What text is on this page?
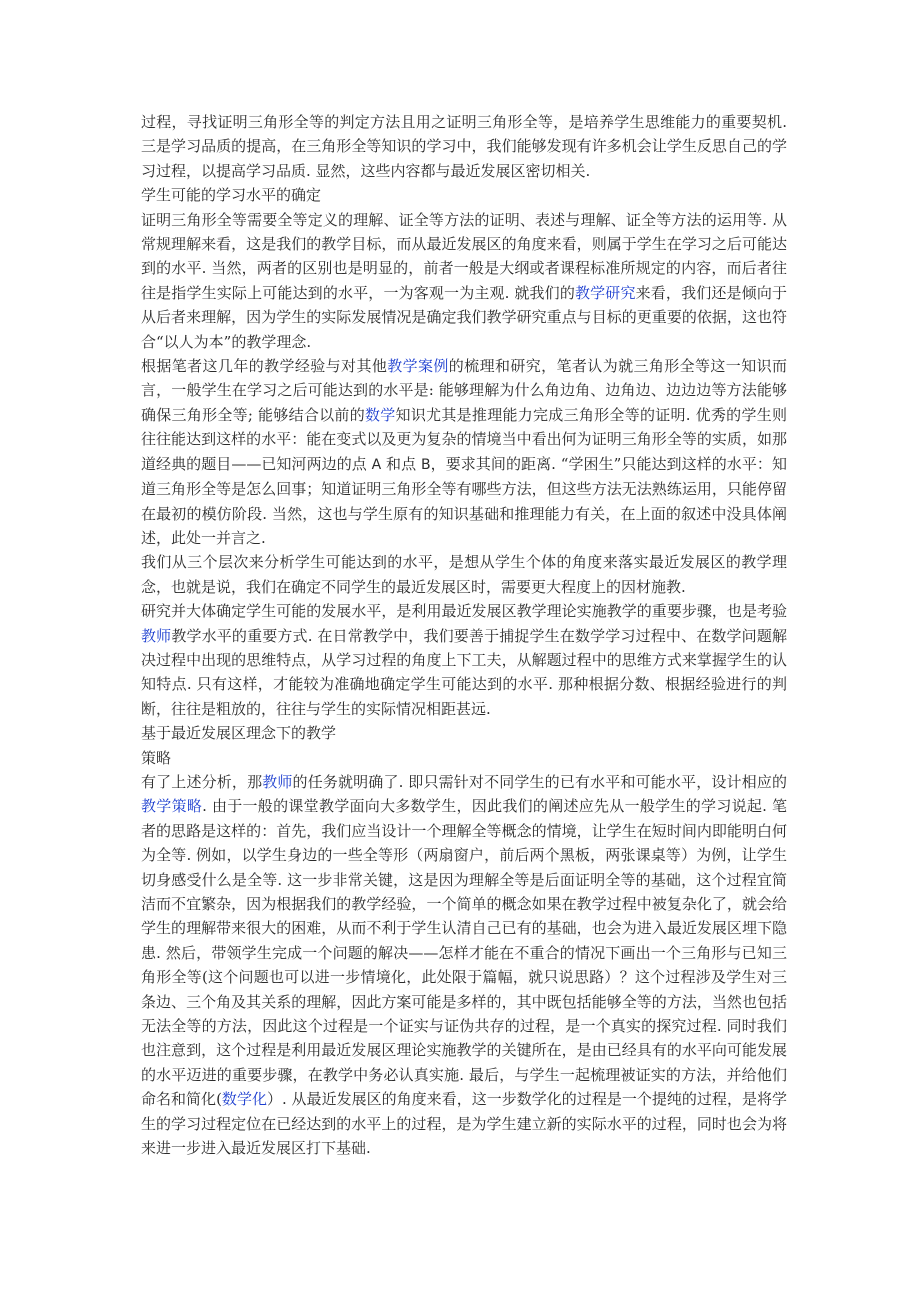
过程，寻找证明三角形全等的判定方法且用之证明三角形全等，是培养学生思维能力的重要契机. 三是学习品质的提高，在三角形全等知识的学习中，我们能够发现有许多机会让学生反思自己的学习过程，以提高学习品质. 显然，这些内容都与最近发展区密切相关.

学生可能的学习水平的确定

证明三角形全等需要全等定义的理解、证全等方法的证明、表述与理解、证全等方法的运用等. 从常规理解来看，这是我们的教学目标，而从最近发展区的角度来看，则属于学生在学习之后可能达到的水平. 当然，两者的区别也是明显的，前者一般是大纲或者课程标准所规定的内容，而后者往往是指学生实际上可能达到的水平，一为客观一为主观. 就我们的教学研究来看，我们还是倾向于从后者来理解，因为学生的实际发展情况是确定我们教学研究重点与目标的更重要的依据，这也符合“以人为本”的教学理念.

根据笔者这几年的教学经验与对其他教学案例的梳理和研究，笔者认为就三角形全等这一知识而言，一般学生在学习之后可能达到的水平是: 能够理解为什么角边角、边角边、边边边等方法能够确保三角形全等; 能够结合以前的数学知识尤其是推理能力完成三角形全等的证明. 优秀的学生则往往能达到这样的水平：能在变式以及更为复杂的情境当中看出何为证明三角形全等的实质，如那道经典的题目——已知河两边的点 A 和点 B，要求其间的距离. “学困生”只能达到这样的水平：知道三角形全等是怎么回事；知道证明三角形全等有哪些方法，但这些方法无法熟练运用，只能停留在最初的模仿阶段. 当然，这也与学生原有的知识基础和推理能力有关，在上面的叙述中没具体阐述，此处一并言之.

我们从三个层次来分析学生可能达到的水平，是想从学生个体的角度来落实最近发展区的教学理念，也就是说，我们在确定不同学生的最近发展区时，需要更大程度上的因材施教.

研究并大体确定学生可能的发展水平，是利用最近发展区教学理论实施教学的重要步骤，也是考验教师教学水平的重要方式. 在日常教学中，我们要善于捕捉学生在数学学习过程中、在数学问题解决过程中出现的思维特点，从学习过程的角度上下工夫，从解题过程中的思维方式来掌握学生的认知特点. 只有这样，才能较为准确地确定学生可能达到的水平. 那种根据分数、根据经验进行的判断，往往是粗放的，往往与学生的实际情况相距甚远.

基于最近发展区理念下的教学

策略

有了上述分析，那教师的任务就明确了. 即只需针对不同学生的已有水平和可能水平，设计相应的教学策略. 由于一般的课堂教学面向大多数学生，因此我们的阐述应先从一般学生的学习说起. 笔者的思路是这样的：首先，我们应当设计一个理解全等概念的情境，让学生在短时间内即能明白何为全等. 例如，以学生身边的一些全等形（两扇窗户，前后两个黑板，两张课桌等）为例，让学生切身感受什么是全等. 这一步非常关键，这是因为理解全等是后面证明全等的基础，这个过程宜简洁而不宜繁杂，因为根据我们的教学经验，一个简单的概念如果在教学过程中被复杂化了，就会给学生的理解带来很大的困难，从而不利于学生认清自己已有的基础，也会为进入最近发展区埋下隐患. 然后，带领学生完成一个问题的解决——怎样才能在不重合的情况下画出一个三角形与已知三角形全等(这个问题也可以进一步情境化，此处限于篇幅，就只说思路）？这个过程涉及学生对三条边、三个角及其关系的理解，因此方案可能是多样的，其中既包括能够全等的方法，当然也包括无法全等的方法，因此这个过程是一个证实与证伪共存的过程，是一个真实的探究过程. 同时我们也注意到，这个过程是利用最近发展区理论实施教学的关键所在，是由已经具有的水平向可能发展的水平迈进的重要步骤，在教学中务必认真实施. 最后，与学生一起梳理被证实的方法，并给他们命名和简化(数学化）. 从最近发展区的角度来看，这一步数学化的过程是一个提纯的过程，是将学生的学习过程定位在已经达到的水平上的过程，是为学生建立新的实际水平的过程，同时也会为将来进一步进入最近发展区打下基础.
